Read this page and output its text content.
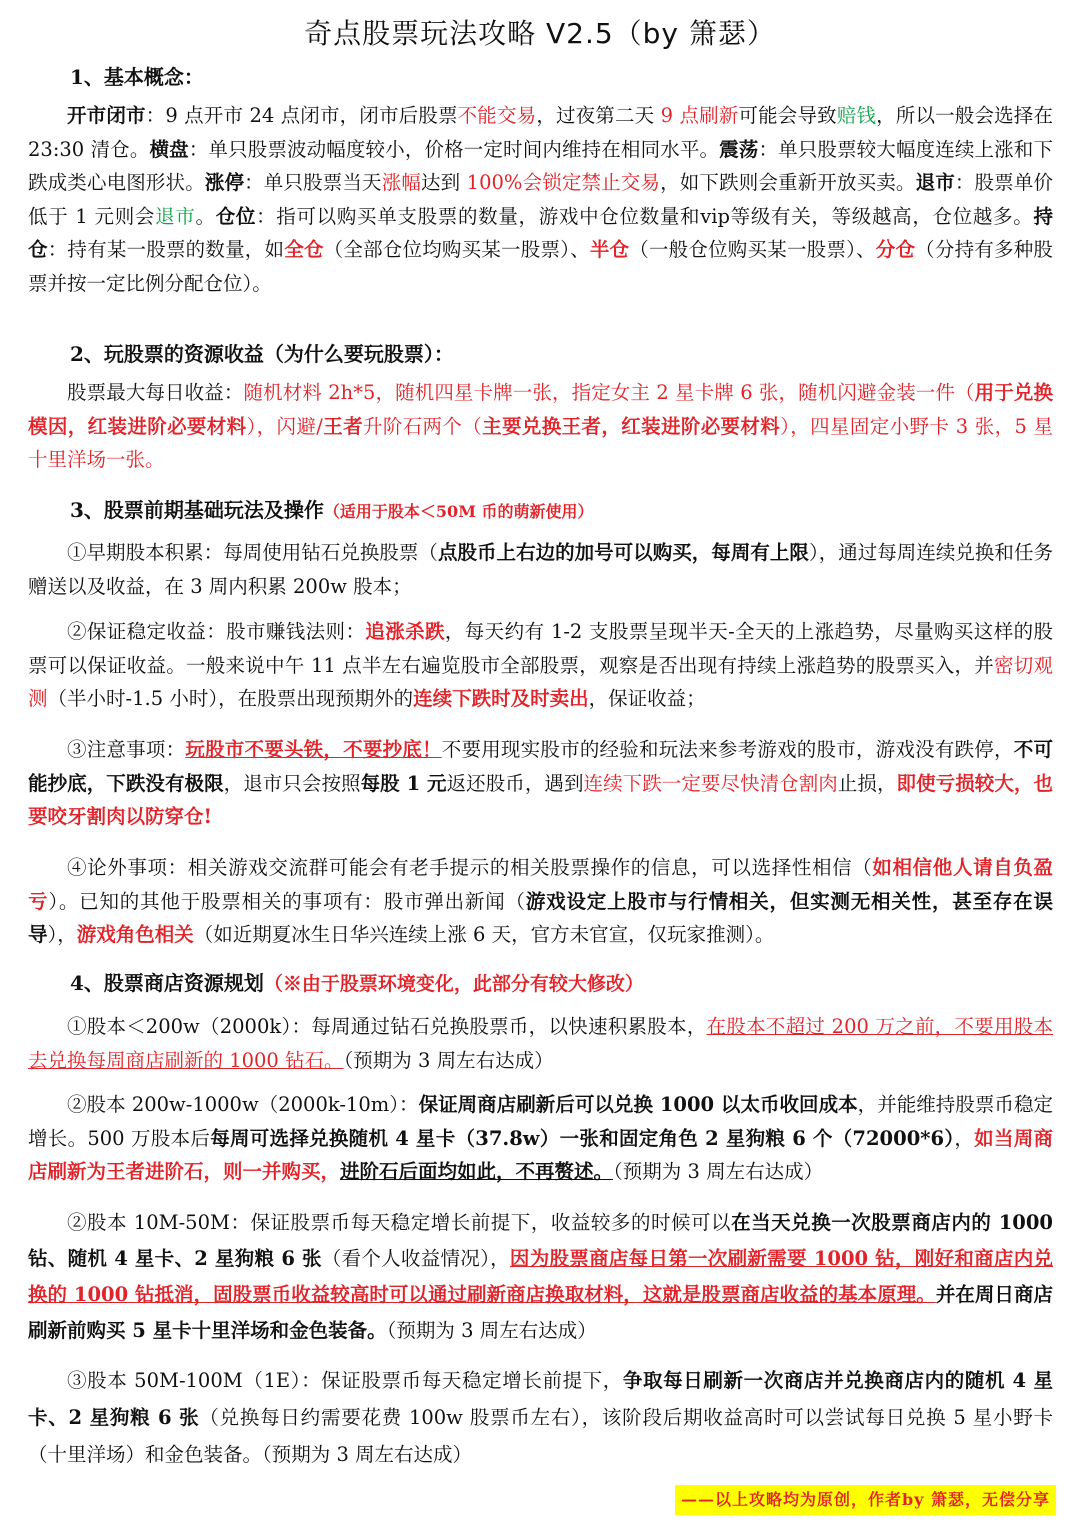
奇点股票玩法攻略 V2.5（by 箫瑟）

1、基本概念：

开市闭市：9 点开市 24 点闭市，闭市后股票不能交易，过夜第二天 9 点刷新可能会导致赔钱，所以一般会选择在 23:30 清仓。横盘：单只股票波动幅度较小，价格一定时间内维持在相同水平。震荡：单只股票较大幅度连续上涨和下跌成类心电图形状。涨停：单只股票当天涨幅达到 100%会锁定禁止交易，如下跌则会重新开放买卖。退市：股票单价低于 1 元则会退市。仓位：指可以购买单支股票的数量，游戏中仓位数量和vip等级有关，等级越高，仓位越多。持仓：持有某一股票的数量，如全仓（全部仓位均购买某一股票）、半仓（一般仓位购买某一股票）、分仓（分持有多种股票并按一定比例分配仓位）。

2、玩股票的资源收益（为什么要玩股票）：

股票最大每日收益：随机材料 2h*5，随机四星卡牌一张，指定女主 2 星卡牌 6 张，随机闪避金装一件（用于兑换模因，红装进阶必要材料），闪避/王者升阶石两个（主要兑换王者，红装进阶必要材料），四星固定小野卡 3 张，5 星十里洋场一张。

3、股票前期基础玩法及操作（适用于股本＜50M 币的萌新使用）

①早期股本积累：每周使用钻石兑换股票（点股币上右边的加号可以购买，每周有上限），通过每周连续兑换和任务赠送以及收益，在 3 周内积累 200w 股本；

②保证稳定收益：股市赚钱法则：追涨杀跌，每天约有 1-2 支股票呈现半天-全天的上涨趋势，尽量购买这样的股票可以保证收益。一般来说中午 11 点半左右遍览股市全部股票，观察是否出现有持续上涨趋势的股票买入，并密切观测（半小时-1.5 小时），在股票出现预期外的连续下跌时及时卖出，保证收益；

③注意事项：玩股市不要头铁，不要抄底！不要用现实股市的经验和玩法来参考游戏的股市，游戏没有跌停，不可能抄底，下跌没有极限，退市只会按照每股 1 元返还股币，遇到连续下跌一定要尽快清仓割肉止损，即使亏损较大，也要咬牙割肉以防穿仓!

④论外事项：相关游戏交流群可能会有老手提示的相关股票操作的信息，可以选择性相信（如相信他人请自负盈亏）。已知的其他于股票相关的事项有：股市弹出新闻（游戏设定上股市与行情相关，但实测无相关性，甚至存在误导），游戏角色相关（如近期夏冰生日华兴连续上涨 6 天，官方未官宣，仅玩家推测）。

4、股票商店资源规划（※由于股票环境变化，此部分有较大修改）

①股本＜200w（2000k）：每周通过钻石兑换股票币，以快速积累股本，在股本不超过 200 万之前，不要用股本去兑换每周商店刷新的 1000 钻石。（预期为 3 周左右达成）

②股本 200w-1000w（2000k-10m）：保证周商店刷新后可以兑换 1000 以太币收回成本，并能维持股票币稳定增长。500 万股本后每周可选择兑换随机 4 星卡（37.8w）一张和固定角色 2 星狗粮 6 个（72000*6），如当周商店刷新为王者进阶石，则一并购买，进阶石后面均如此，不再赘述。（预期为 3 周左右达成）

②股本 10M-50M：保证股票币每天稳定增长前提下，收益较多的时候可以在当天兑换一次股票商店内的 1000 钻、随机 4 星卡、2 星狗粮 6 张（看个人收益情况），因为股票商店每日第一次刷新需要 1000 钻，刚好和商店内兑换的 1000 钻抵消，固股票币收益较高时可以通过刷新商店换取材料，这就是股票商店收益的基本原理。并在周日商店刷新前购买 5 星卡十里洋场和金色装备。（预期为 3 周左右达成）

③股本 50M-100M（1E）：保证股票币每天稳定增长前提下，争取每日刷新一次商店并兑换商店内的随机 4 星卡、2 星狗粮 6 张（兑换每日约需要花费 100w 股票币左右），该阶段后期收益高时可以尝试每日兑换 5 星小野卡（十里洋场）和金色装备。（预期为 3 周左右达成）

——以上攻略均为原创，作者by 箫瑟，无偿分享
